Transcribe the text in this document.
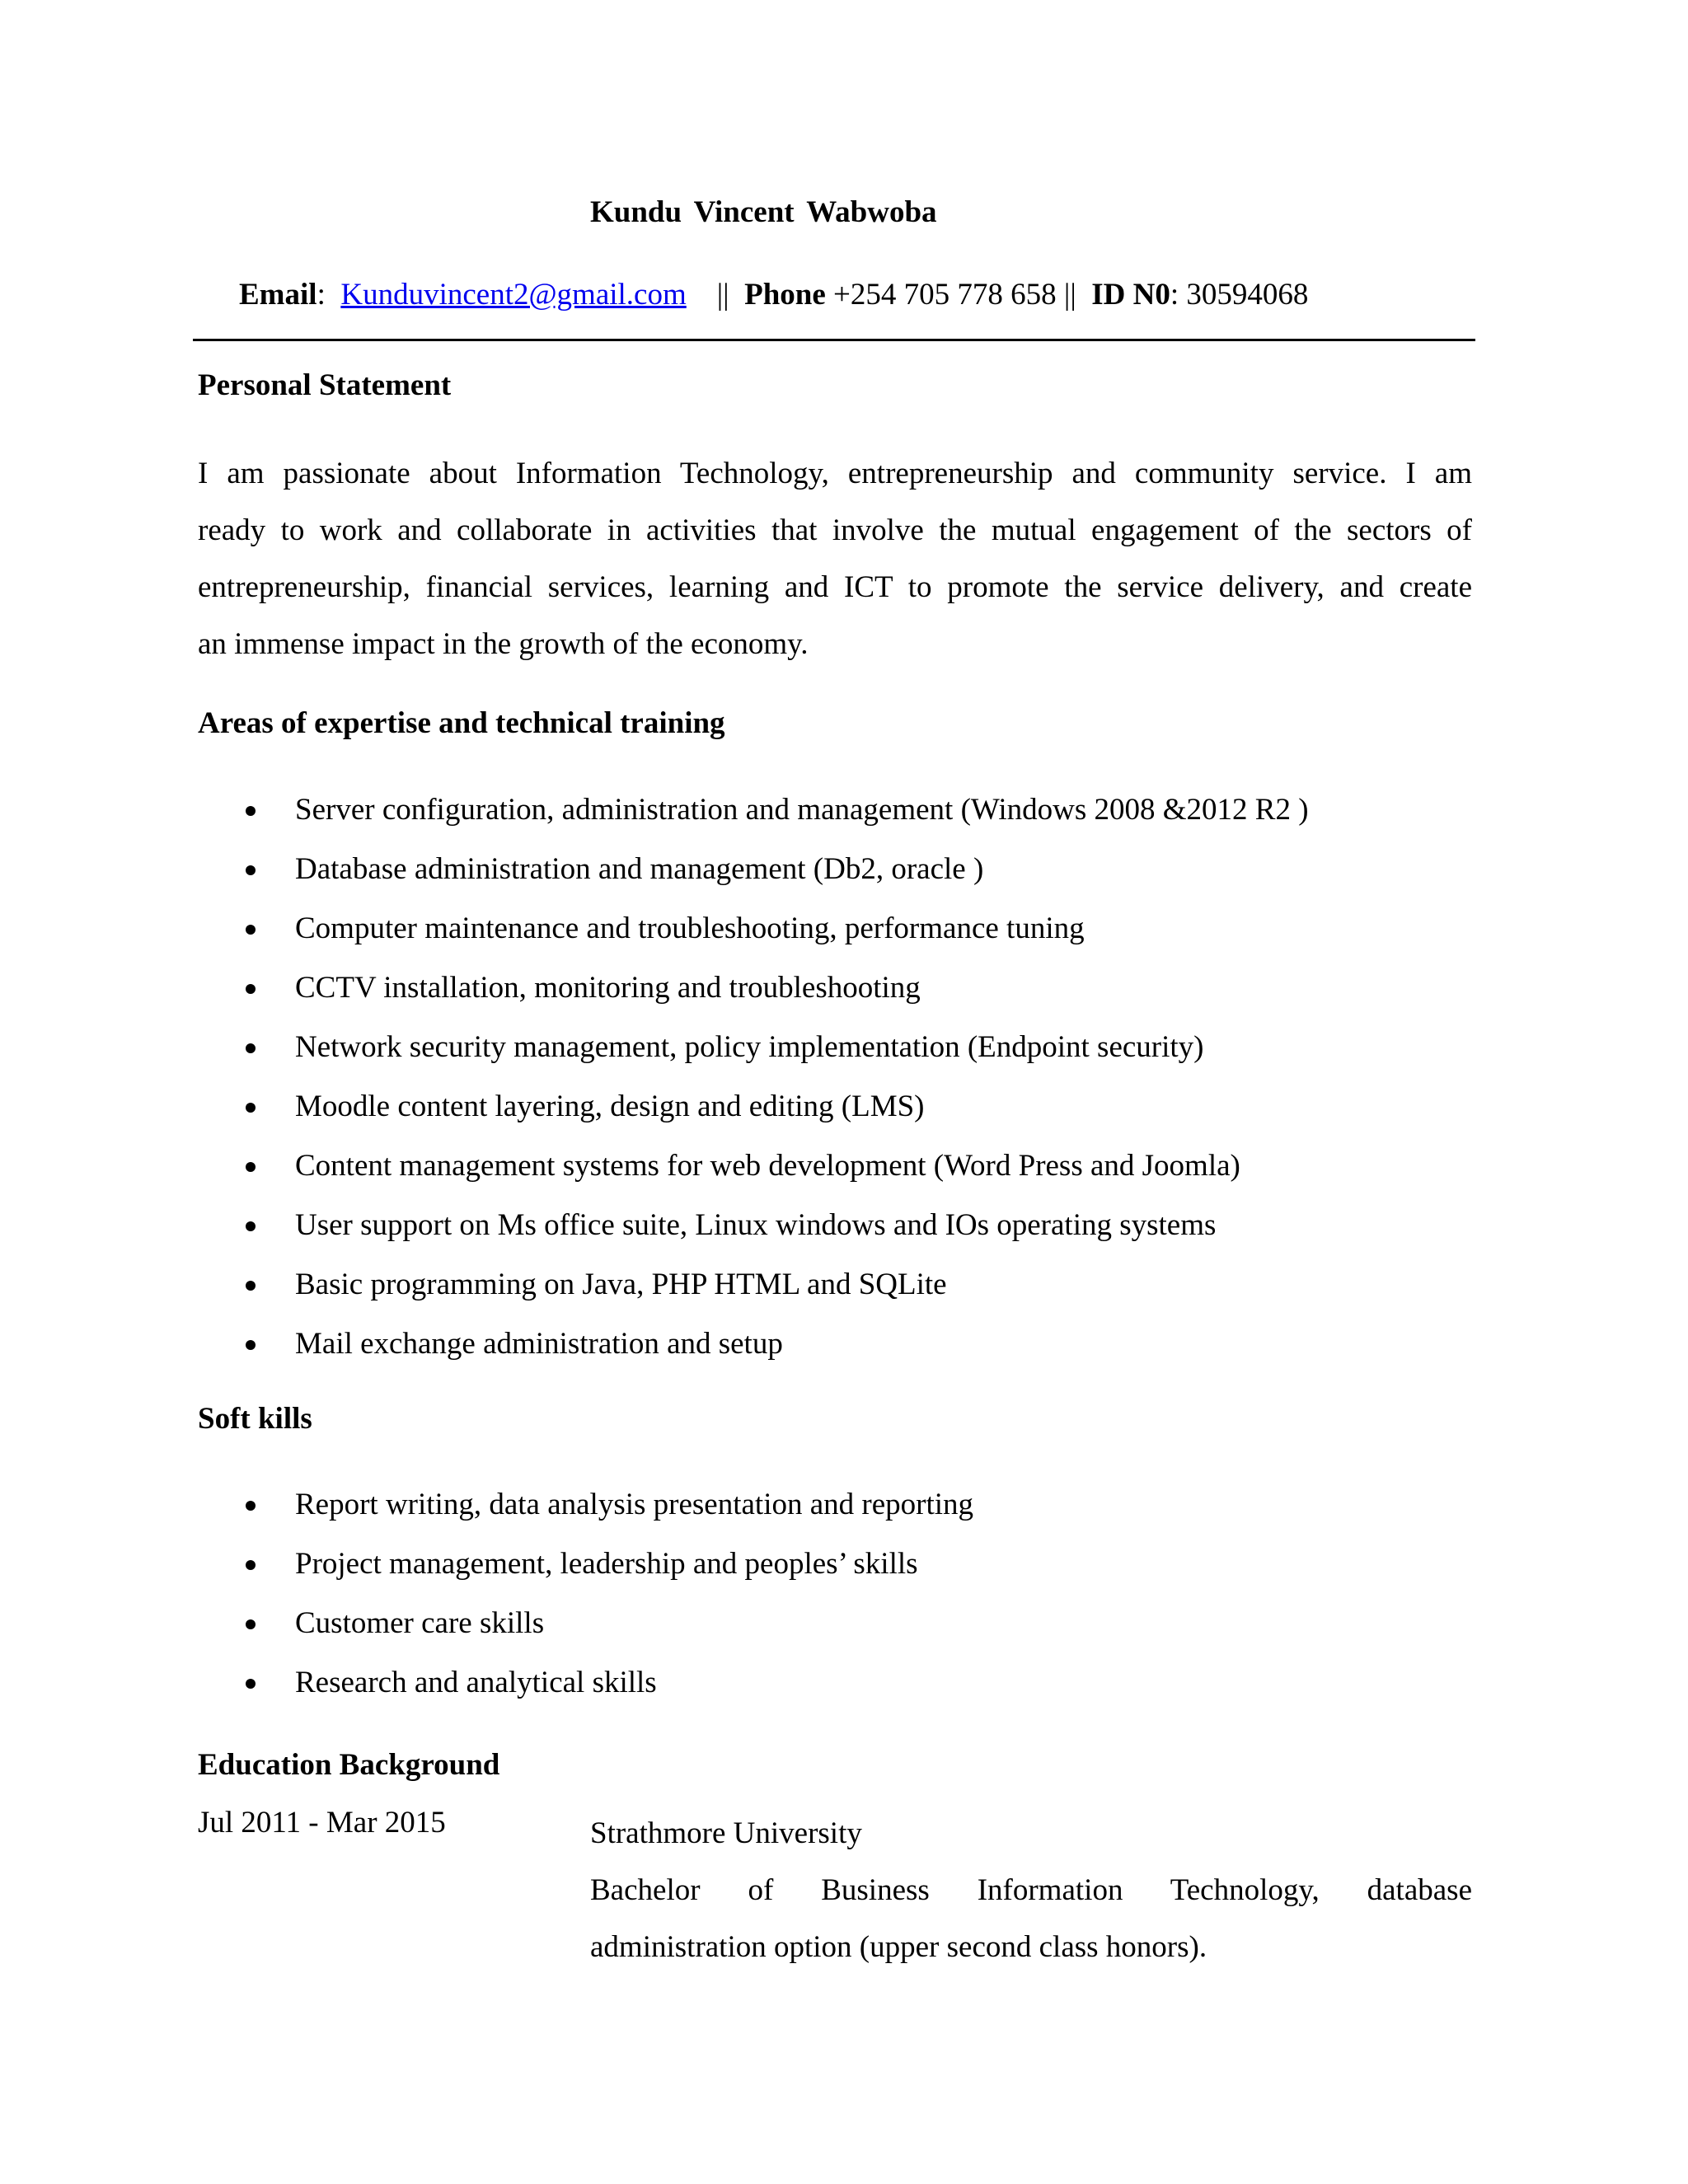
Kundu Vincent Wabwoba
Email:  Kunduvincent2@gmail.com    ||  Phone +254 705 778 658 ||  ID N0: 30594068
Personal Statement
I am passionate about Information Technology, entrepreneurship and community service. I am
ready to work and collaborate in activities that involve the mutual engagement of the sectors of
entrepreneurship, financial services, learning and ICT to promote the service delivery, and create
an immense impact in the growth of the economy.
Areas of expertise and technical training
Server configuration, administration and management (Windows 2008 &2012 R2 )
Database administration and management (Db2, oracle )
Computer maintenance and troubleshooting, performance tuning
CCTV installation, monitoring and troubleshooting
Network security management, policy implementation (Endpoint security)
Moodle content layering, design and editing (LMS)
Content management systems for web development (Word Press and Joomla)
User support on Ms office suite, Linux windows and IOs operating systems
Basic programming on Java, PHP HTML and SQLite
Mail exchange administration and setup
Soft kills
Report writing, data analysis presentation and reporting
Project management, leadership and peoples’ skills
Customer care skills
Research and analytical skills
Education Background
Jul 2011 - Mar 2015	Strathmore University
Bachelor of Business Information Technology, database
administration option (upper second class honors).
